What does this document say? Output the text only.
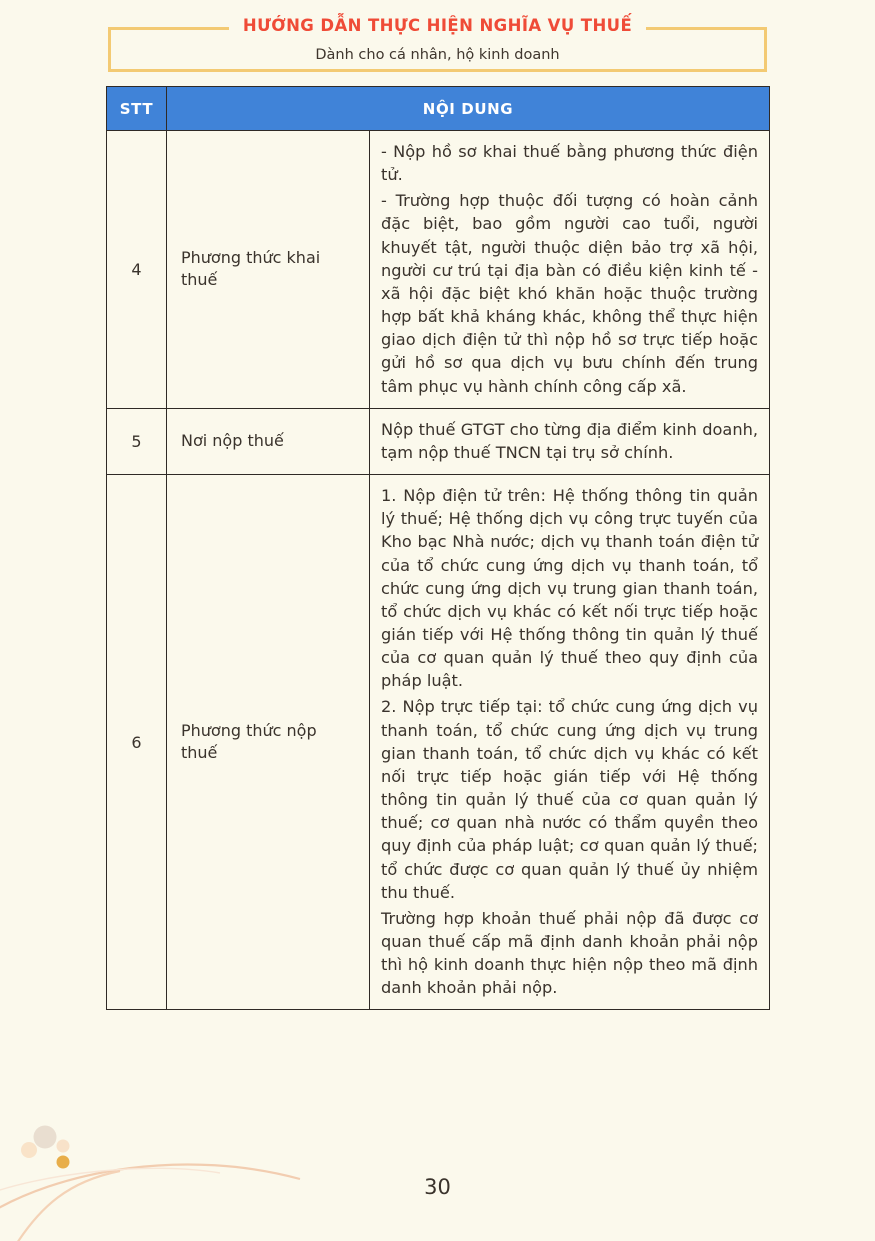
HƯỚNG DẪN THỰC HIỆN NGHĨA VỤ THUẾ
Dành cho cá nhân, hộ kinh doanh
STT	NỘI DUNG	
4	Phương thức khai thuế	- Nộp hồ sơ khai thuế bằng phương thức điện tử.

- Trường hợp thuộc đối tượng có hoàn cảnh đặc biệt, bao gồm người cao tuổi, người khuyết tật, người thuộc diện bảo trợ xã hội, người cư trú tại địa bàn có điều kiện kinh tế - xã hội đặc biệt khó khăn hoặc thuộc trường hợp bất khả kháng khác, không thể thực hiện giao dịch điện tử thì nộp hồ sơ trực tiếp hoặc gửi hồ sơ qua dịch vụ bưu chính đến trung tâm phục vụ hành chính công cấp xã.

5	Nơi nộp thuế	Nộp thuế GTGT cho từng địa điểm kinh doanh, tạm nộp thuế TNCN tại trụ sở chính.

6	Phương thức nộp thuế	1. Nộp điện tử trên: Hệ thống thông tin quản lý thuế; Hệ thống dịch vụ công trực tuyến của Kho bạc Nhà nước; dịch vụ thanh toán điện tử của tổ chức cung ứng dịch vụ thanh toán, tổ chức cung ứng dịch vụ trung gian thanh toán, tổ chức dịch vụ khác có kết nối trực tiếp hoặc gián tiếp với Hệ thống thông tin quản lý thuế của cơ quan quản lý thuế theo quy định của pháp luật.

2. Nộp trực tiếp tại: tổ chức cung ứng dịch vụ thanh toán, tổ chức cung ứng dịch vụ trung gian thanh toán, tổ chức dịch vụ khác có kết nối trực tiếp hoặc gián tiếp với Hệ thống thông tin quản lý thuế của cơ quan quản lý thuế; cơ quan nhà nước có thẩm quyền theo quy định của pháp luật; cơ quan quản lý thuế; tổ chức được cơ quan quản lý thuế ủy nhiệm thu thuế.

Trường hợp khoản thuế phải nộp đã được cơ quan thuế cấp mã định danh khoản phải nộp thì hộ kinh doanh thực hiện nộp theo mã định danh khoản phải nộp.

30
